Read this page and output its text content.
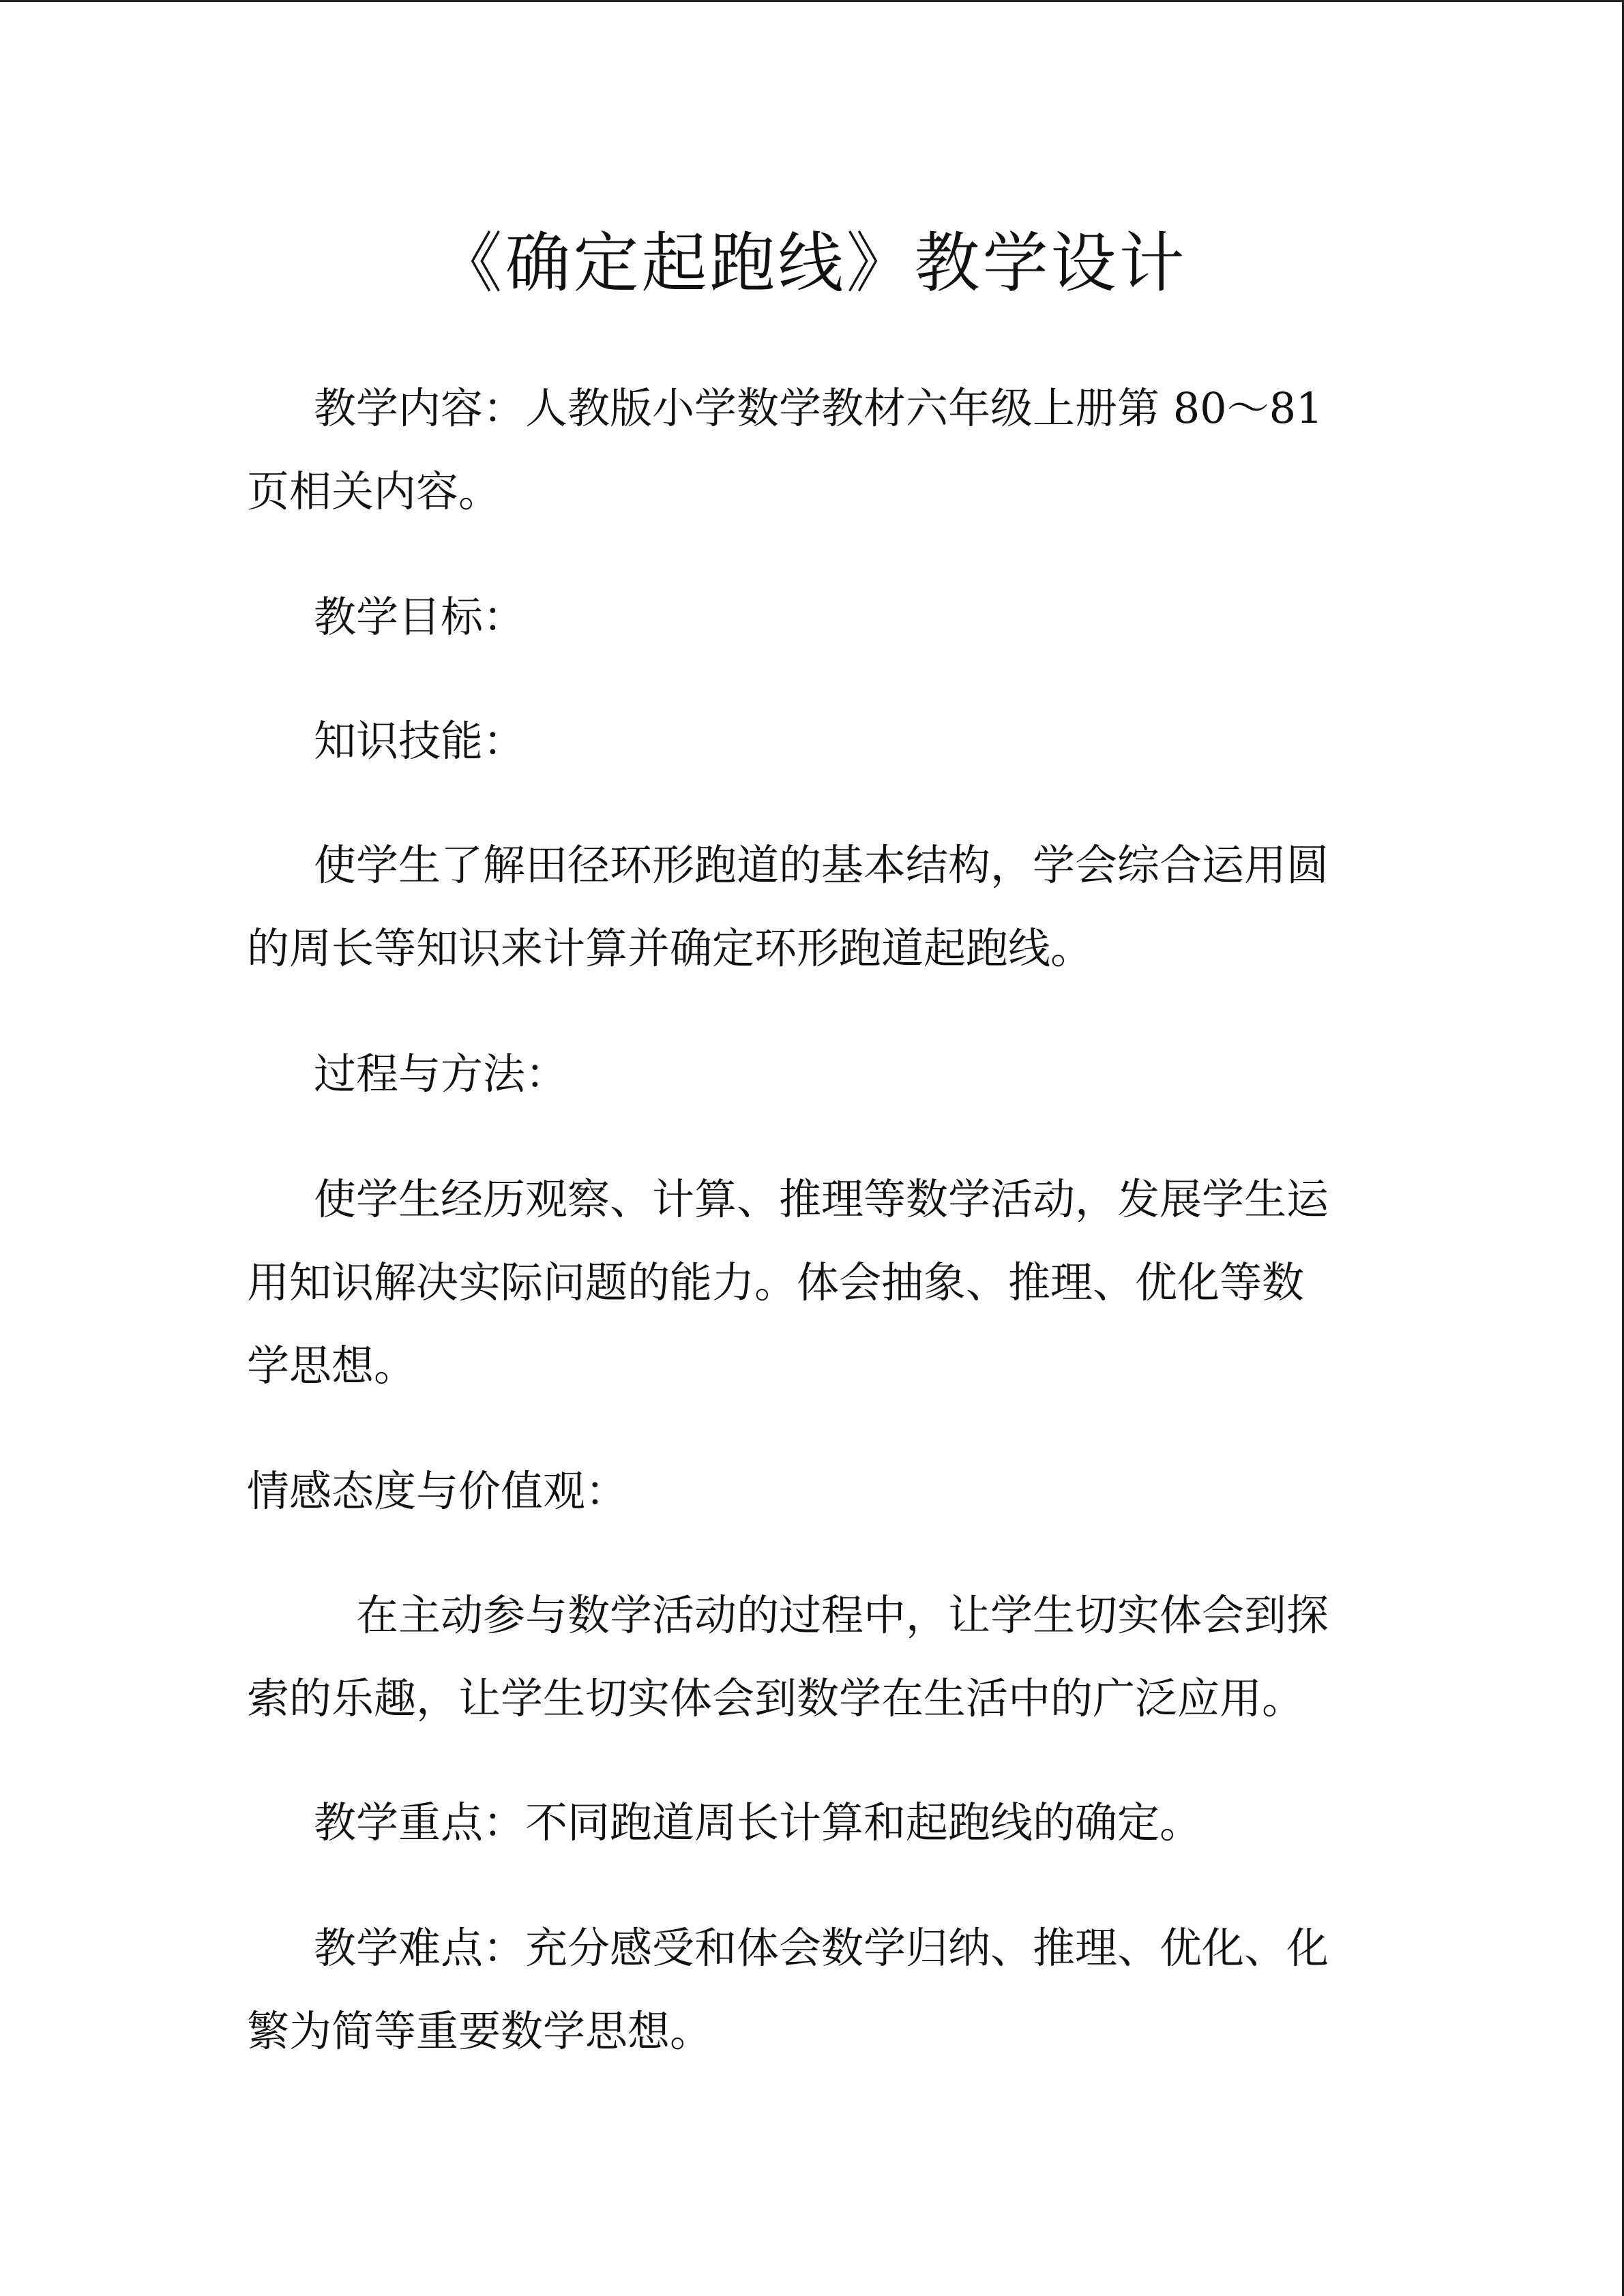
《确定起跑线》教学设计
教学内容：人教版小学数学教材六年级上册第 80～81
页相关内容。
教学目标：
知识技能：
使学生了解田径环形跑道的基本结构，学会综合运用圆
的周长等知识来计算并确定环形跑道起跑线。
过程与方法：
使学生经历观察、计算、推理等数学活动，发展学生运
用知识解决实际问题的能力。体会抽象、推理、优化等数
学思想。
情感态度与价值观：
在主动参与数学活动的过程中，让学生切实体会到探
索的乐趣，让学生切实体会到数学在生活中的广泛应用。
教学重点：不同跑道周长计算和起跑线的确定。
教学难点：充分感受和体会数学归纳、推理、优化、化
繁为简等重要数学思想。
